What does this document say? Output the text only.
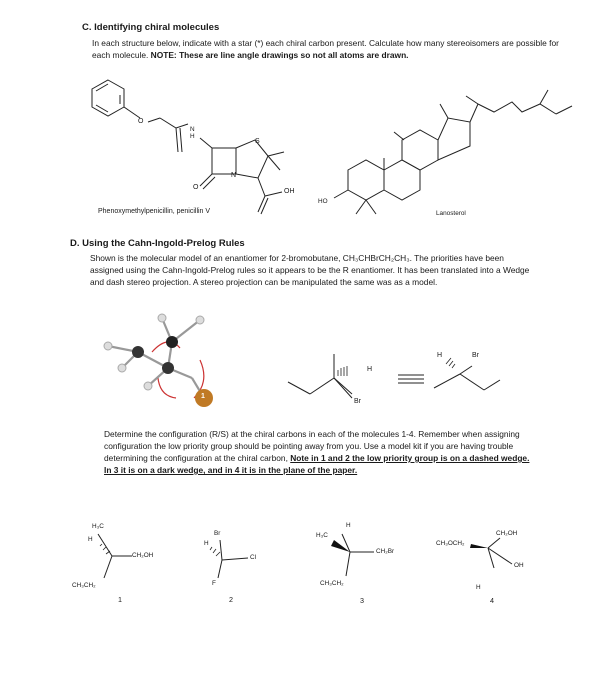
C. Identifying chiral molecules
In each structure below, indicate with a star (*) each chiral carbon present. Calculate how many stereoisomers are possible for each molecule. NOTE: These are line angle drawings so not all atoms are drawn.
O
N
H
S
N
O
OH
Phenoxymethylpenicillin, penicillin V
HO
Lanosterol
D. Using the Cahn-Ingold-Prelog Rules
Shown is the molecular model of an enantiomer for 2-bromobutane, CH₃CHBrCH₂CH₃. The priorities have been assigned using the Cahn-Ingold-Prelog rules so it appears to be the R enantiomer. It has been translated into a Wedge and dash stereo projection. A stereo projection can be manipulated the same was as a model.
3
1
H
Br
H	Br
Determine the configuration (R/S) at the chiral carbons in each of the molecules 1-4. Remember when assigning configuration the low priority group should be pointing away from you. Use a model kit if you are having trouble determining the configuration at the chiral carbon, Note in 1 and 2 the low priority group is on a dashed wedge. In 3 it is on a dark wedge, and in 4 it is in the plane of the paper.
H₃C
H
CH₂OH
CH₃CH₂
1
Br
H
Cl
F
2
H
H₃C
CH₂Br
CH₃CH₂
3
CH₃OCH₂
CH₂OH
OH
H
4
